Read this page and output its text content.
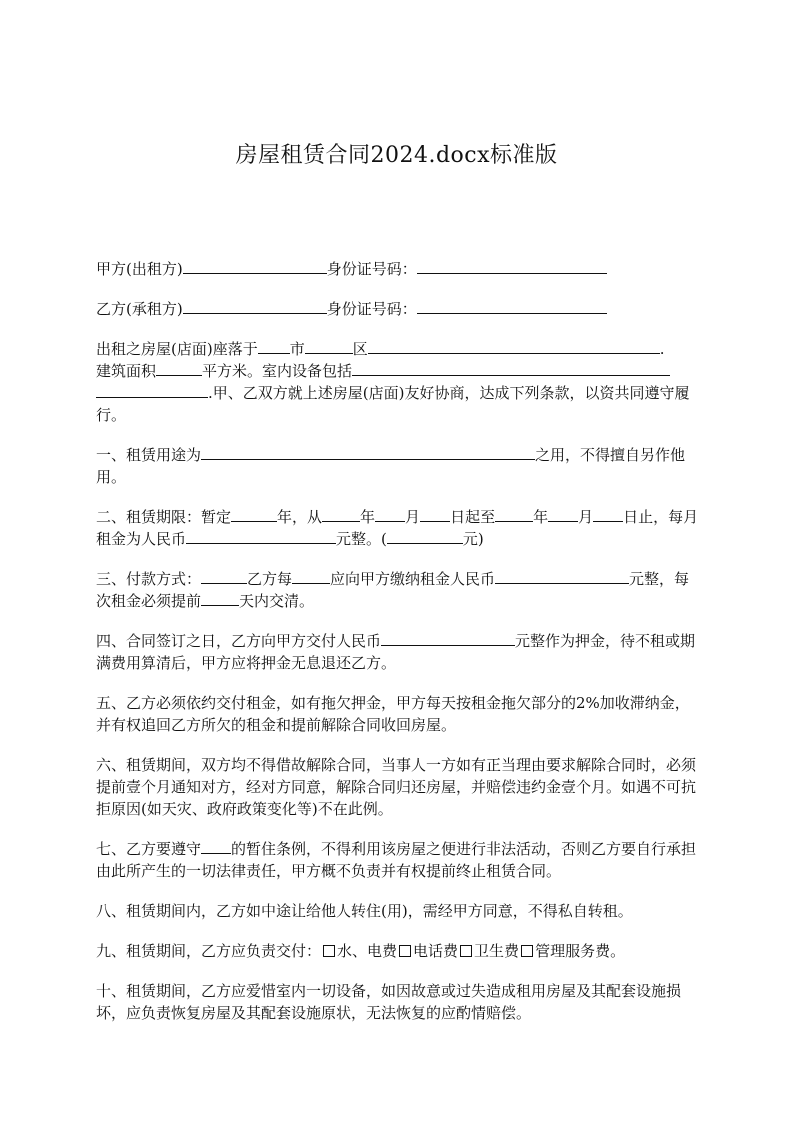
房屋租赁合同2024.docx标准版

甲方(出租方)	身份证号码：

乙方(承租方)	身份证号码：

出租之房屋(店面)座落于 市	区	.
建筑面积	平方米。室内设备包括
.甲、乙双方就上述房屋(店面)友好协商，达成下列条款，以资共同遵守履行。

一、租赁用途为	之用，不得擅自另作他用。

二、租赁期限：暂定	年，从	年 月 日起至	年 月 日止，每月租金为人民币	元整。(	元)

三、付款方式：	乙方每	应向甲方缴纳租金人民币	元整，每次租金必须提前	天内交清。

四、合同签订之日，乙方向甲方交付人民币	元整作为押金，待不租或期满费用算清后，甲方应将押金无息退还乙方。

五、乙方必须依约交付租金，如有拖欠押金，甲方每天按租金拖欠部分的2%加收滞纳金，并有权追回乙方所欠的租金和提前解除合同收回房屋。

六、租赁期间，双方均不得借故解除合同，当事人一方如有正当理由要求解除合同时，必须提前壹个月通知对方，经对方同意，解除合同归还房屋，并赔偿违约金壹个月。如遇不可抗拒原因(如天灾、政府政策变化等)不在此例。

七、乙方要遵守 的暂住条例，不得利用该房屋之便进行非法活动，否则乙方要自行承担由此所产生的一切法律责任，甲方概不负责并有权提前终止租赁合同。

八、租赁期间内，乙方如中途让给他人转住(用)，需经甲方同意，不得私自转租。

九、租赁期间，乙方应负责交付： 水、电费 电话费 卫生费 管理服务费。

十、租赁期间，乙方应爱惜室内一切设备，如因故意或过失造成租用房屋及其配套设施损坏，应负责恢复房屋及其配套设施原状，无法恢复的应酌情赔偿。
